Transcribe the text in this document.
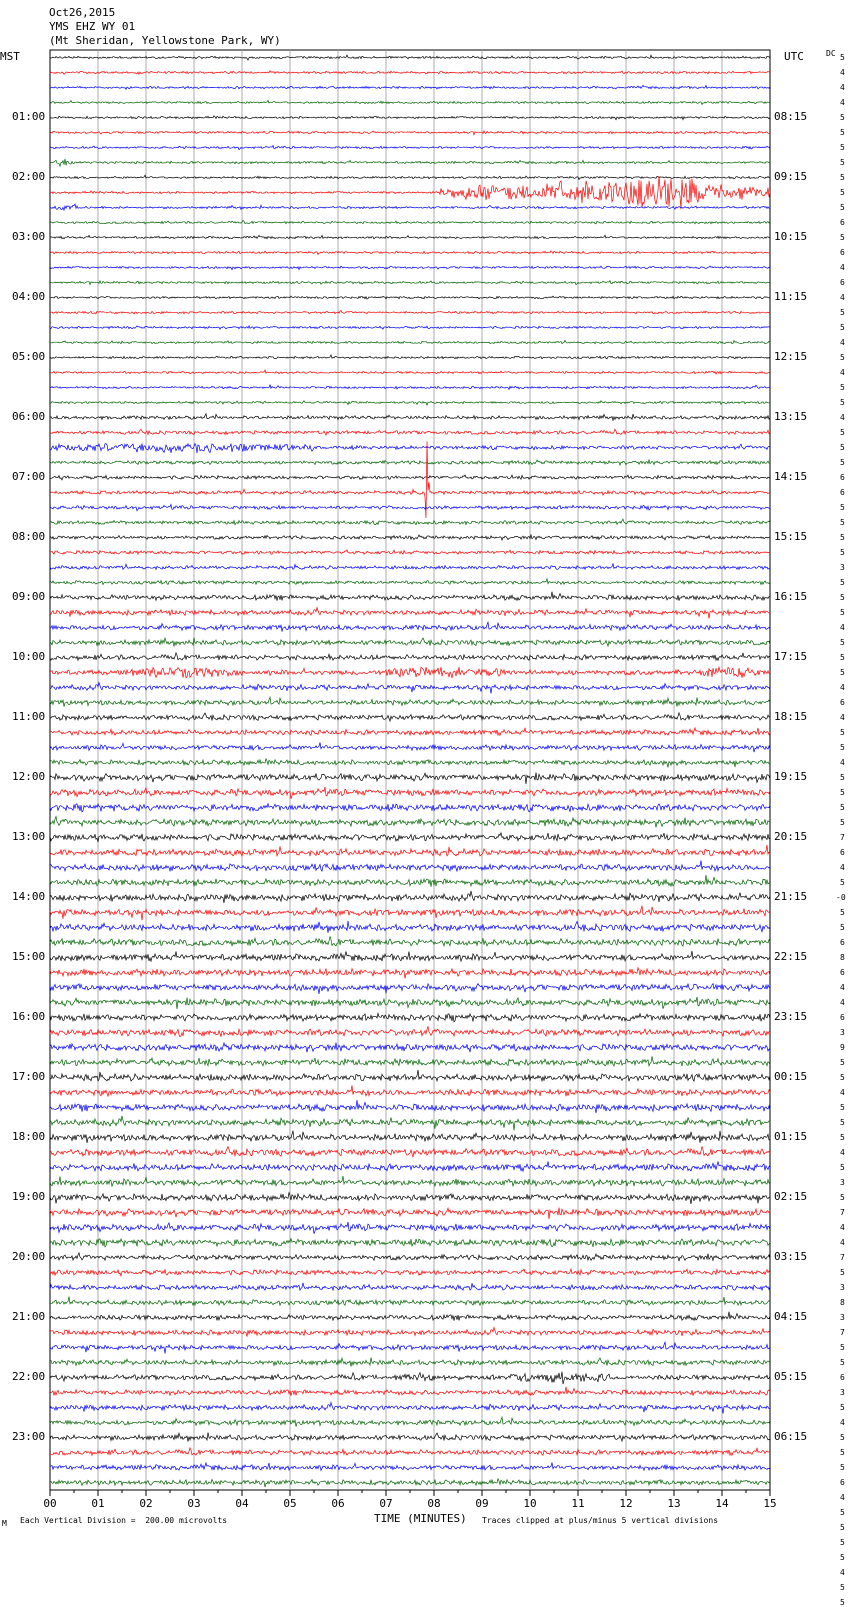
00	01	02	03	04	05	06	07	08	09	10	11	12	13	14	15
Oct26,2015
YMS EHZ WY 01
(Mt Sheridan, Yellowstone Park, WY)
MST	UTC	DC
01:00
02:00
03:00
04:00
05:00
06:00
07:00
08:00
09:00
10:00
11:00
12:00
13:00
14:00
15:00
16:00
17:00
18:00
19:00
20:00
21:00
22:00
23:00
08:15
09:15
10:15
11:15
12:15
13:15
14:15
15:15
16:15
17:15
18:15
19:15
20:15
21:15
22:15
23:15
00:15
01:15
02:15
03:15
04:15
05:15
06:15
5
4
4
4
5
5
5
5
5
5
5
6
5
6
4
6
4
5
5
4
5
4
5
5
4
5
5
5
6
6
5
5
5
5
3
5
5
5
4
5
5
5
4
6
4
5
5
4
5
5
5
5
7
6
4
5
-0
5
5
6
8
6
4
4
6
3
9
5
5
4
5
5
5
4
5
3
5
7
4
4
7
5
3
8
3
7
5
5
6
3
5
4
5
5
5
6
4
5
5
5
5
4
5
5
TIME (MINUTES)
M Each Vertical Division =  200.00 microvolts	Traces clipped at plus/minus 5 vertical divisions
